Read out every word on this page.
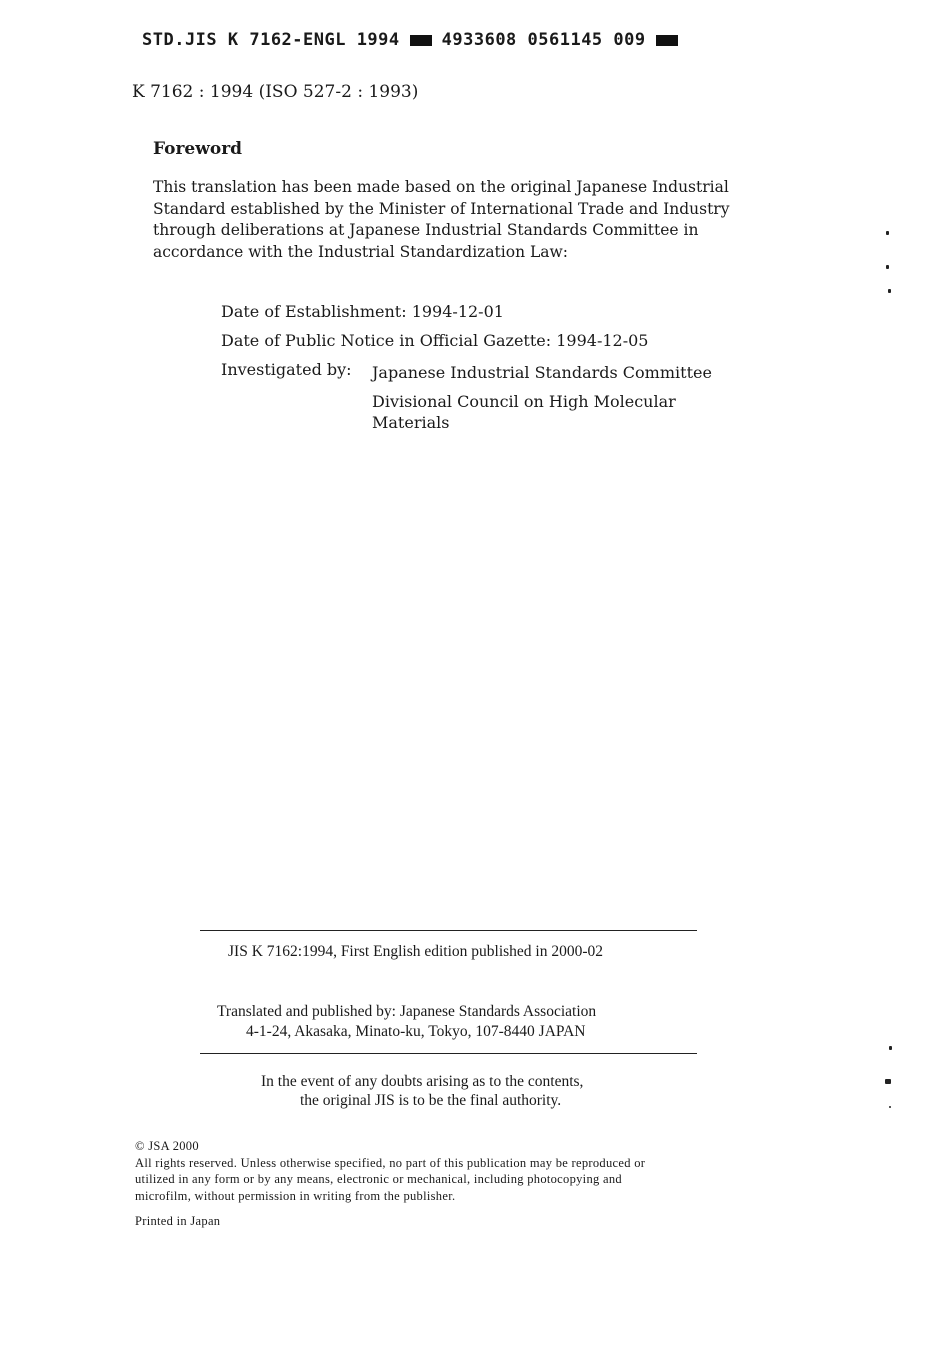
STD.JIS K 7162-ENGL 1994 4933608 0561145 009
K 7162 : 1994 (ISO 527-2 : 1993)
Foreword
This translation has been made based on the original Japanese Industrial
Standard established by the Minister of International Trade and Industry
through deliberations at Japanese Industrial Standards Committee in
accordance with the Industrial Standardization Law:
Date of Establishment: 1994-12-01
Date of Public Notice in Official Gazette: 1994-12-05
Investigated by: Japanese Industrial Standards Committee
Divisional Council on High Molecular
Materials
JIS K 7162:1994, First English edition published in 2000-02
Translated and published by: Japanese Standards Association
4-1-24, Akasaka, Minato-ku, Tokyo, 107-8440 JAPAN
In the event of any doubts arising as to the contents,
the original JIS is to be the final authority.
© JSA 2000
All rights reserved. Unless otherwise specified, no part of this publication may be reproduced or
utilized in any form or by any means, electronic or mechanical, including photocopying and
microfilm, without permission in writing from the publisher.
Printed in Japan
